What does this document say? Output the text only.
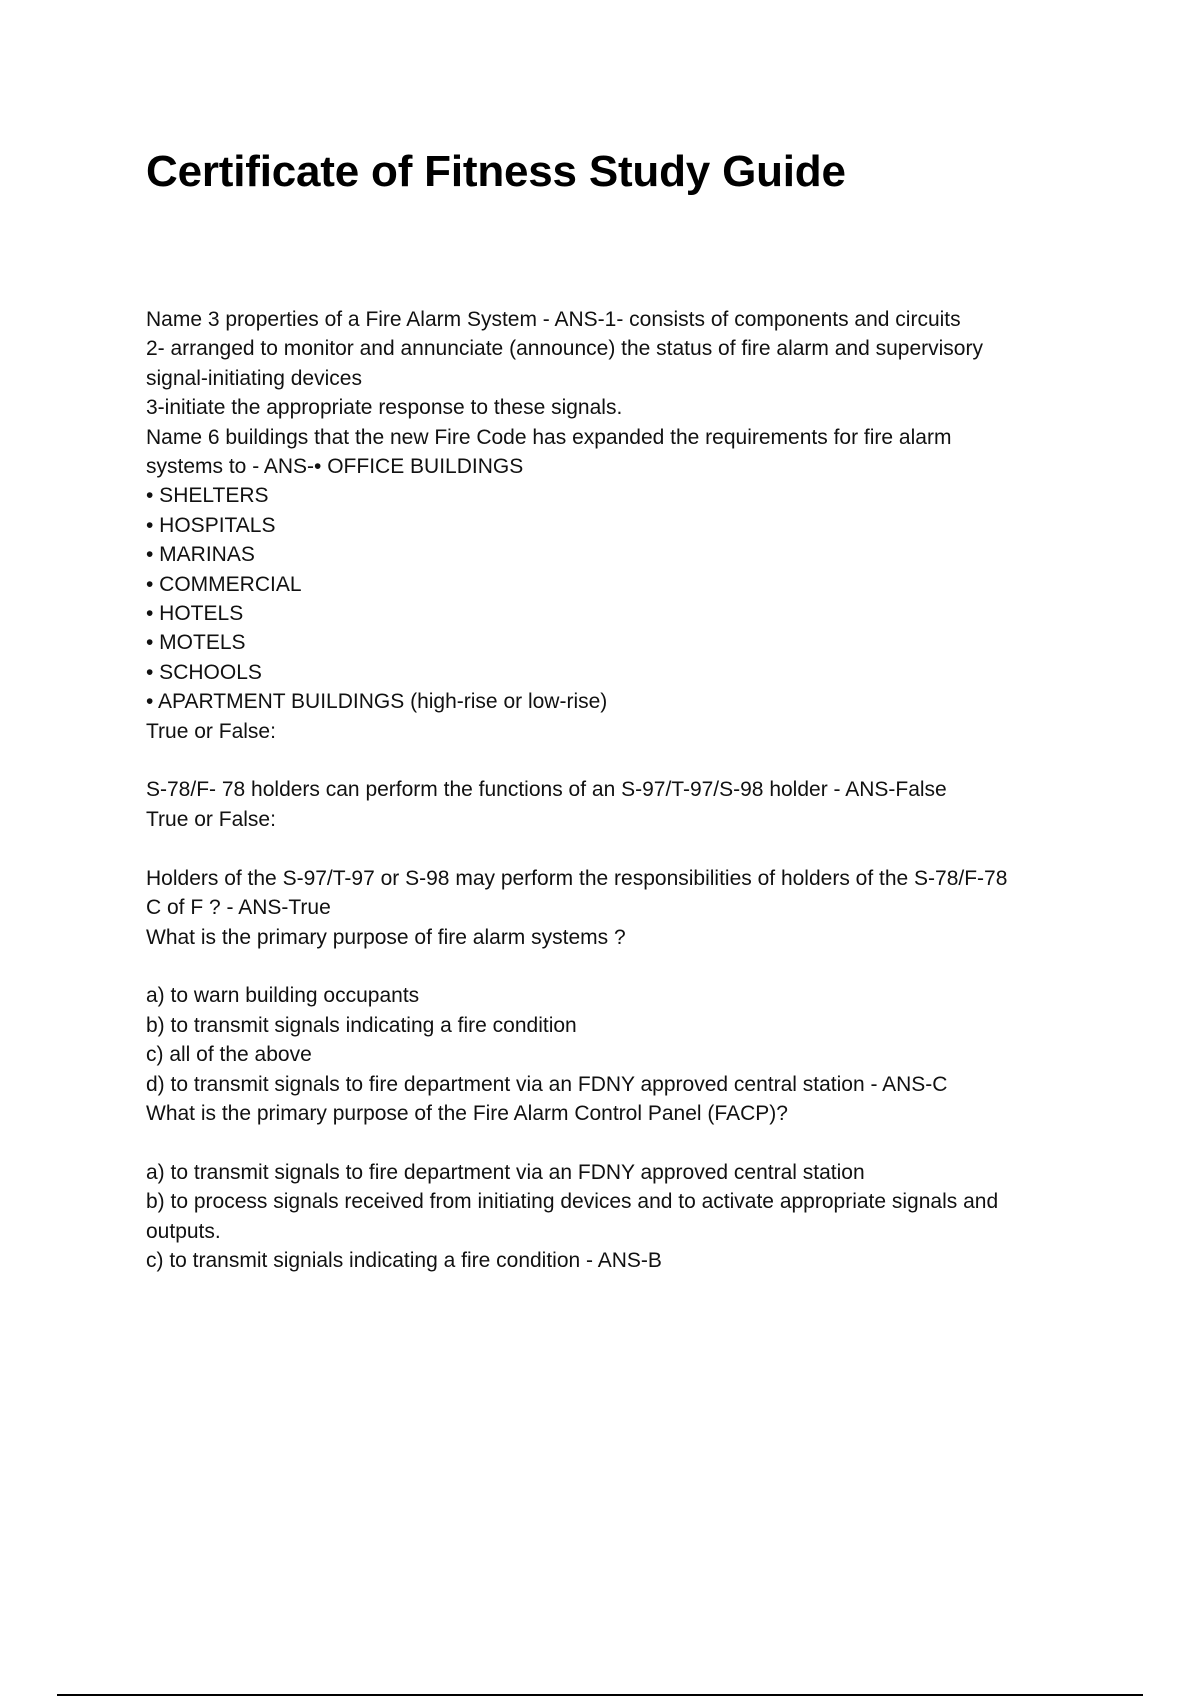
Certificate of Fitness Study Guide
Name 3 properties of a Fire Alarm System - ANS-1- consists of components and circuits
2- arranged to monitor and annunciate (announce) the status of fire alarm and supervisory
signal-initiating devices
3-initiate the appropriate response to these signals.
Name 6 buildings that the new Fire Code has expanded the requirements for fire alarm
systems to - ANS-• OFFICE BUILDINGS
• SHELTERS
• HOSPITALS
• MARINAS
• COMMERCIAL
• HOTELS
• MOTELS
• SCHOOLS
• APARTMENT BUILDINGS (high-rise or low-rise)
True or False:
S-78/F- 78 holders can perform the functions of an S-97/T-97/S-98 holder - ANS-False
True or False:
Holders of the S-97/T-97 or S-98 may perform the responsibilities of holders of the S-78/F-78
C of F ? - ANS-True
What is the primary purpose of fire alarm systems ?
a) to warn building occupants
b) to transmit signals indicating a fire condition
c) all of the above
d) to transmit signals to fire department via an FDNY approved central station - ANS-C
What is the primary purpose of the Fire Alarm Control Panel (FACP)?
a) to transmit signals to fire department via an FDNY approved central station
b) to process signals received from initiating devices and to activate appropriate signals and
outputs.
c) to transmit signials indicating a fire condition - ANS-B
